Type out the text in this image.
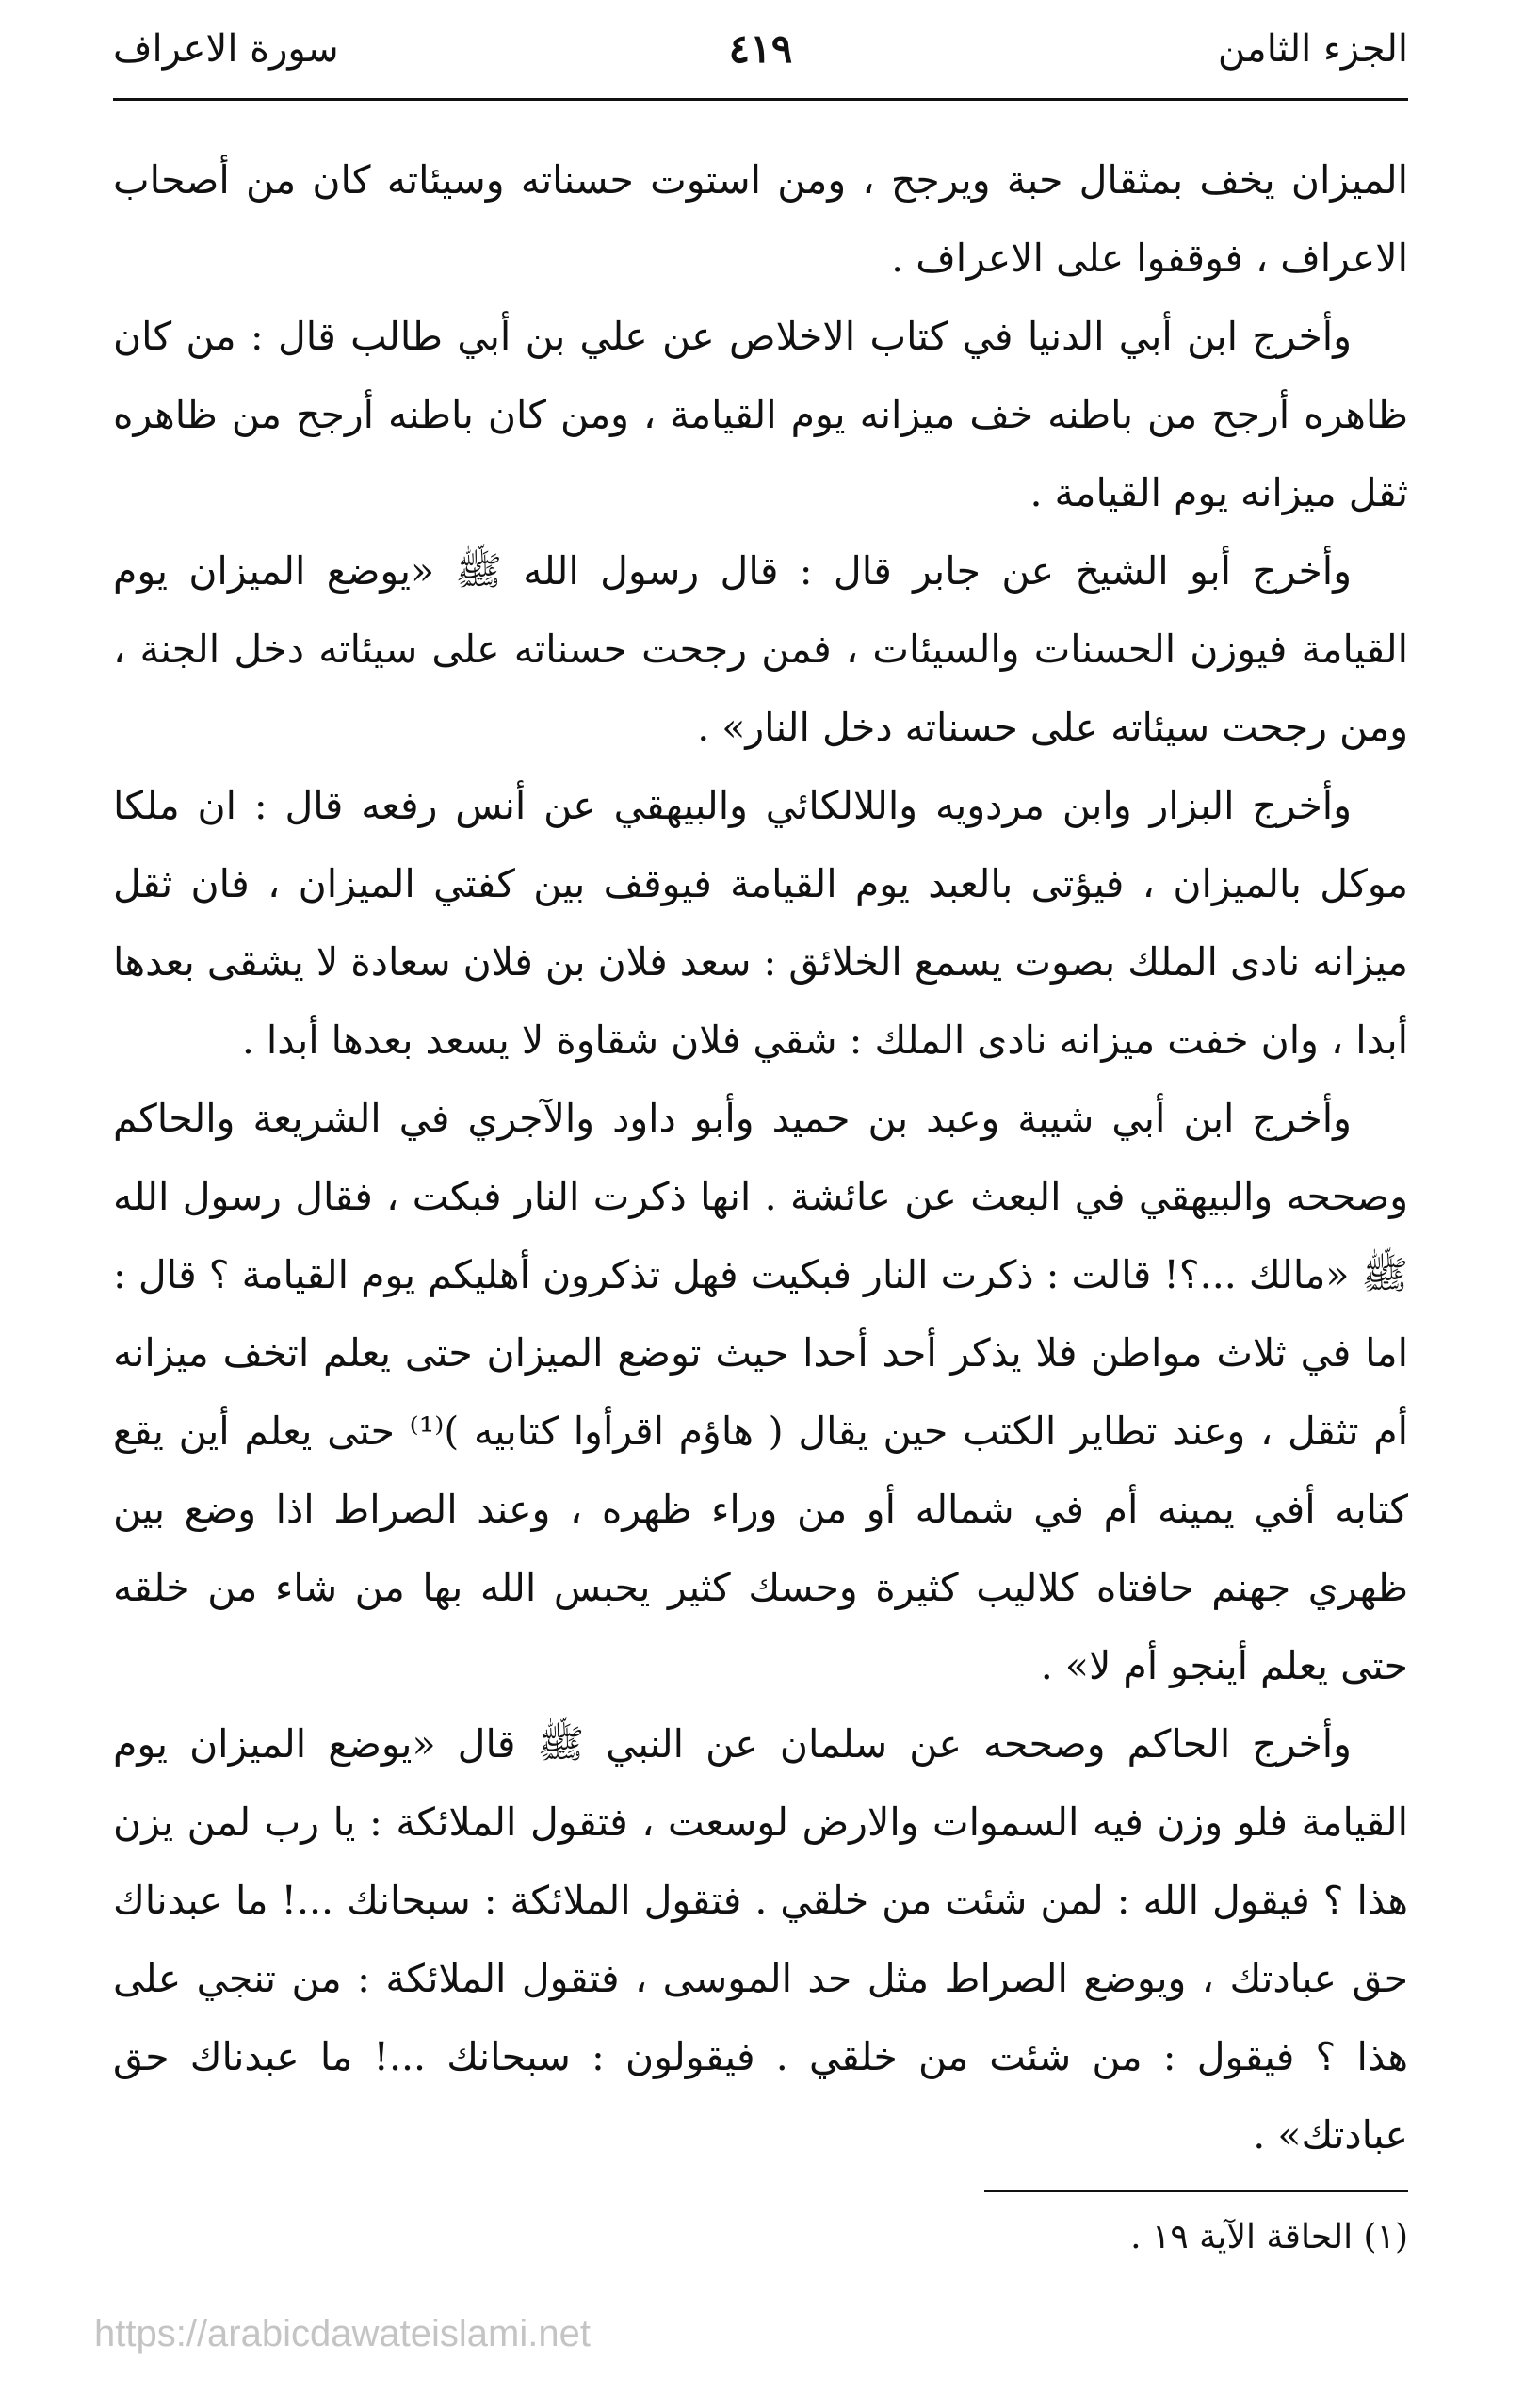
الجزء الثامن
٤١٩
سورة الاعراف

الميزان يخف بمثقال حبة ويرجح ، ومن استوت حسناته وسيئاته كان من أصحاب الاعراف ، فوقفوا على الاعراف .

وأخرج ابن أبي الدنيا في كتاب الاخلاص عن علي بن أبي طالب قال : من كان ظاهره أرجح من باطنه خف ميزانه يوم القيامة ، ومن كان باطنه أرجح من ظاهره ثقل ميزانه يوم القيامة .

وأخرج أبو الشيخ عن جابر قال : قال رسول الله ﷺ «يوضع الميزان يوم القيامة فيوزن الحسنات والسيئات ، فمن رجحت حسناته على سيئاته دخل الجنة ، ومن رجحت سيئاته على حسناته دخل النار» .

وأخرج البزار وابن مردويه واللالكائي والبيهقي عن أنس رفعه قال : ان ملكا موكل بالميزان ، فيؤتى بالعبد يوم القيامة فيوقف بين كفتي الميزان ، فان ثقل ميزانه نادى الملك بصوت يسمع الخلائق : سعد فلان بن فلان سعادة لا يشقى بعدها أبدا ، وان خفت ميزانه نادى الملك : شقي فلان شقاوة لا يسعد بعدها أبدا .

وأخرج ابن أبي شيبة وعبد بن حميد وأبو داود والآجري في الشريعة والحاكم وصححه والبيهقي في البعث عن عائشة . انها ذكرت النار فبكت ، فقال رسول الله ﷺ «مالك ...؟! قالت : ذكرت النار فبكيت فهل تذكرون أهليكم يوم القيامة ؟ قال : اما في ثلاث مواطن فلا يذكر أحد أحدا حيث توضع الميزان حتى يعلم اتخف ميزانه أم تثقل ، وعند تطاير الكتب حين يقال ( هاؤم اقرأوا كتابيه )⁽¹⁾ حتى يعلم أين يقع كتابه أفي يمينه أم في شماله أو من وراء ظهره ، وعند الصراط اذا وضع بين ظهري جهنم حافتاه كلاليب كثيرة وحسك كثير يحبس الله بها من شاء من خلقه حتى يعلم أينجو أم لا» .

وأخرج الحاكم وصححه عن سلمان عن النبي ﷺ قال «يوضع الميزان يوم القيامة فلو وزن فيه السموات والارض لوسعت ، فتقول الملائكة : يا رب لمن يزن هذا ؟ فيقول الله : لمن شئت من خلقي . فتقول الملائكة : سبحانك ...! ما عبدناك حق عبادتك ، ويوضع الصراط مثل حد الموسى ، فتقول الملائكة : من تنجي على هذا ؟ فيقول : من شئت من خلقي . فيقولون : سبحانك ...! ما عبدناك حق عبادتك» .

(١) الحاقة الآية ١٩ .
https://arabicdawateislami.net
